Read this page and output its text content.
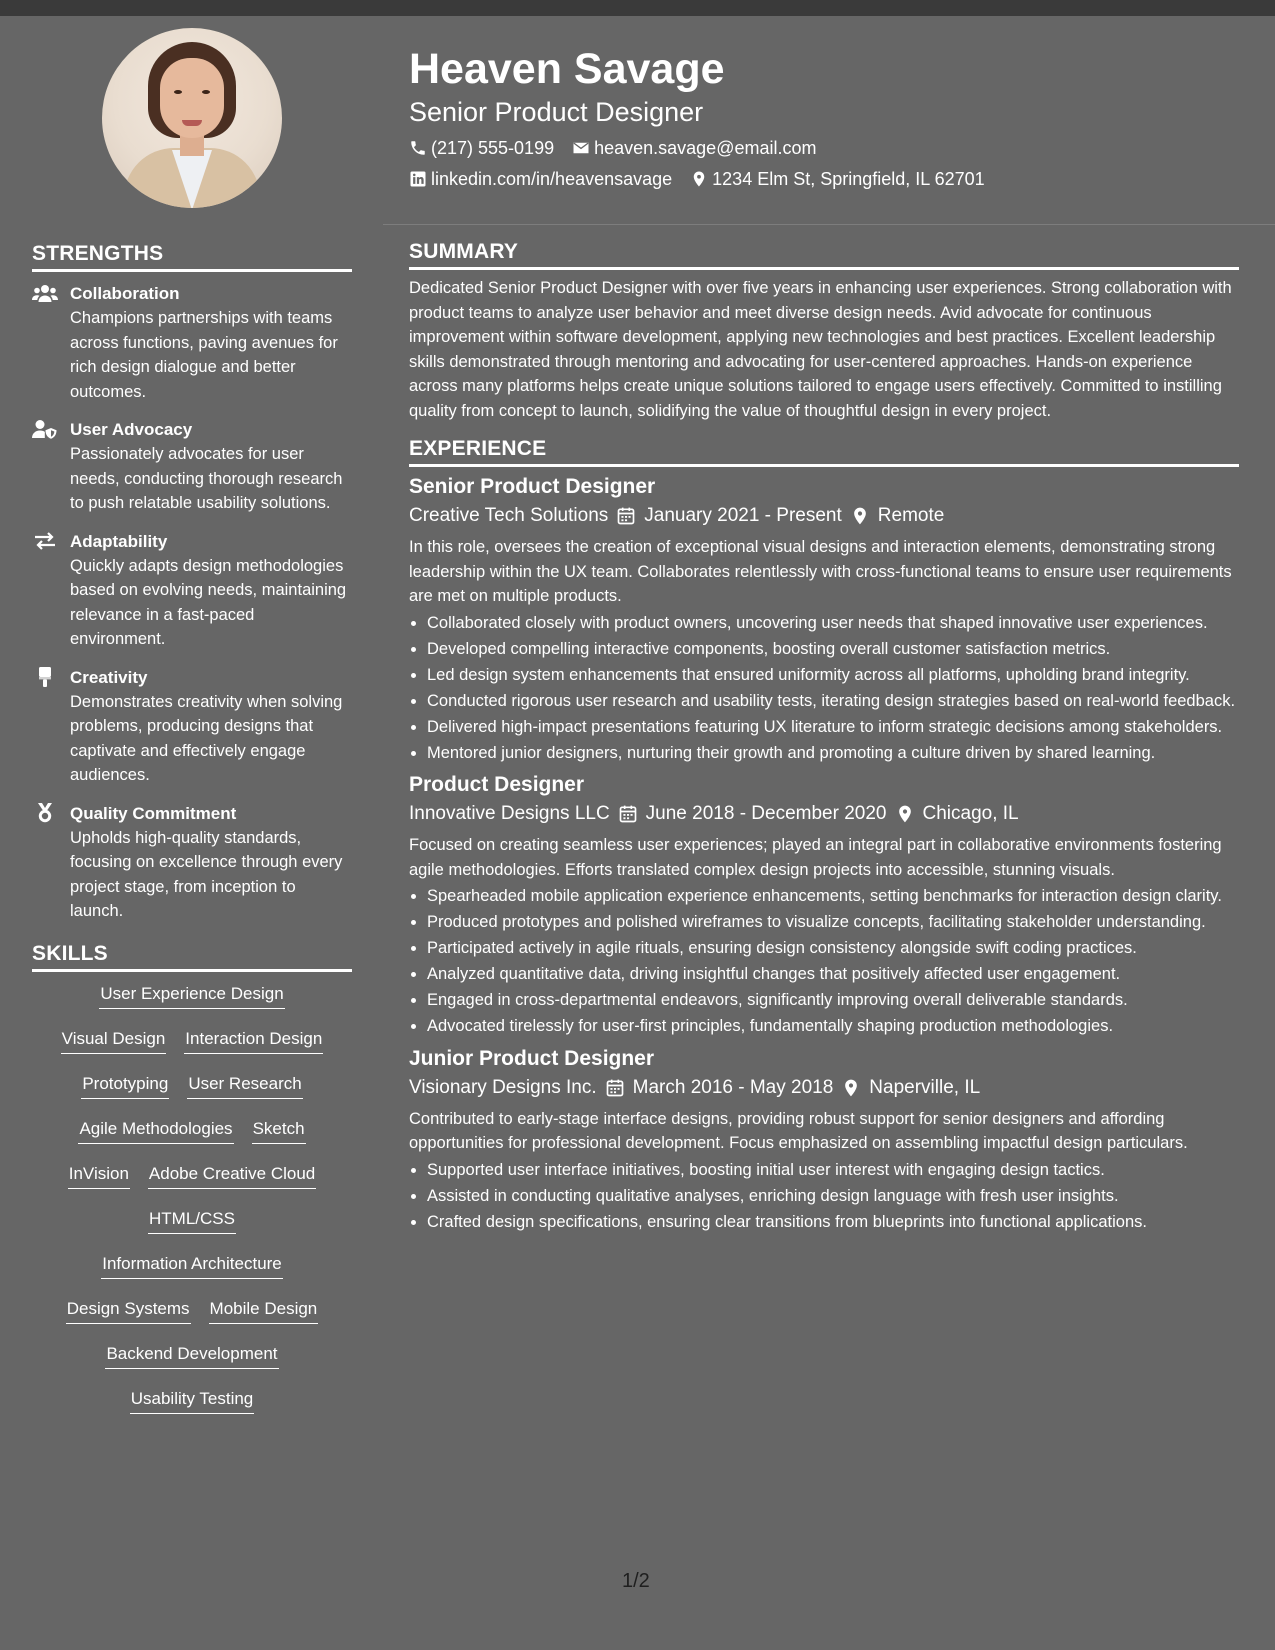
STRENGTHS
Collaboration
Champions partnerships with teams across functions, paving avenues for rich design dialogue and better outcomes.
User Advocacy
Passionately advocates for user needs, conducting thorough research to push relatable usability solutions.
Adaptability
Quickly adapts design methodologies based on evolving needs, maintaining relevance in a fast-paced environment.
Creativity
Demonstrates creativity when solving problems, producing designs that captivate and effectively engage audiences.
Quality Commitment
Upholds high-quality standards, focusing on excellence through every project stage, from inception to launch.
SKILLS
User Experience Design
Visual Design Interaction Design
Prototyping User Research
Agile Methodologies Sketch
InVision Adobe Creative Cloud
HTML/CSS
Information Architecture
Design Systems Mobile Design
Backend Development
Usability Testing
Heaven Savage
Senior Product Designer
(217) 555-0199 heaven.savage@email.com
linkedin.com/in/heavensavage 1234 Elm St, Springfield, IL 62701
SUMMARY
Dedicated Senior Product Designer with over five years in enhancing user experiences. Strong collaboration with product teams to analyze user behavior and meet diverse design needs. Avid advocate for continuous improvement within software development, applying new technologies and best practices. Excellent leadership skills demonstrated through mentoring and advocating for user-centered approaches. Hands-on experience across many platforms helps create unique solutions tailored to engage users effectively. Committed to instilling quality from concept to launch, solidifying the value of thoughtful design in every project.
EXPERIENCE
Senior Product Designer
Creative Tech Solutions January 2021 - Present Remote
In this role, oversees the creation of exceptional visual designs and interaction elements, demonstrating strong leadership within the UX team. Collaborates relentlessly with cross-functional teams to ensure user requirements are met on multiple products.
• Collaborated closely with product owners, uncovering user needs that shaped innovative user experiences.
• Developed compelling interactive components, boosting overall customer satisfaction metrics.
• Led design system enhancements that ensured uniformity across all platforms, upholding brand integrity.
• Conducted rigorous user research and usability tests, iterating design strategies based on real-world feedback.
• Delivered high-impact presentations featuring UX literature to inform strategic decisions among stakeholders.
• Mentored junior designers, nurturing their growth and promoting a culture driven by shared learning.
Product Designer
Innovative Designs LLC June 2018 - December 2020 Chicago, IL
Focused on creating seamless user experiences; played an integral part in collaborative environments fostering agile methodologies. Efforts translated complex design projects into accessible, stunning visuals.
• Spearheaded mobile application experience enhancements, setting benchmarks for interaction design clarity.
• Produced prototypes and polished wireframes to visualize concepts, facilitating stakeholder understanding.
• Participated actively in agile rituals, ensuring design consistency alongside swift coding practices.
• Analyzed quantitative data, driving insightful changes that positively affected user engagement.
• Engaged in cross-departmental endeavors, significantly improving overall deliverable standards.
• Advocated tirelessly for user-first principles, fundamentally shaping production methodologies.
Junior Product Designer
Visionary Designs Inc. March 2016 - May 2018 Naperville, IL
Contributed to early-stage interface designs, providing robust support for senior designers and affording opportunities for professional development. Focus emphasized on assembling impactful design particulars.
• Supported user interface initiatives, boosting initial user interest with engaging design tactics.
• Assisted in conducting qualitative analyses, enriching design language with fresh user insights.
• Crafted design specifications, ensuring clear transitions from blueprints into functional applications.
1/2
